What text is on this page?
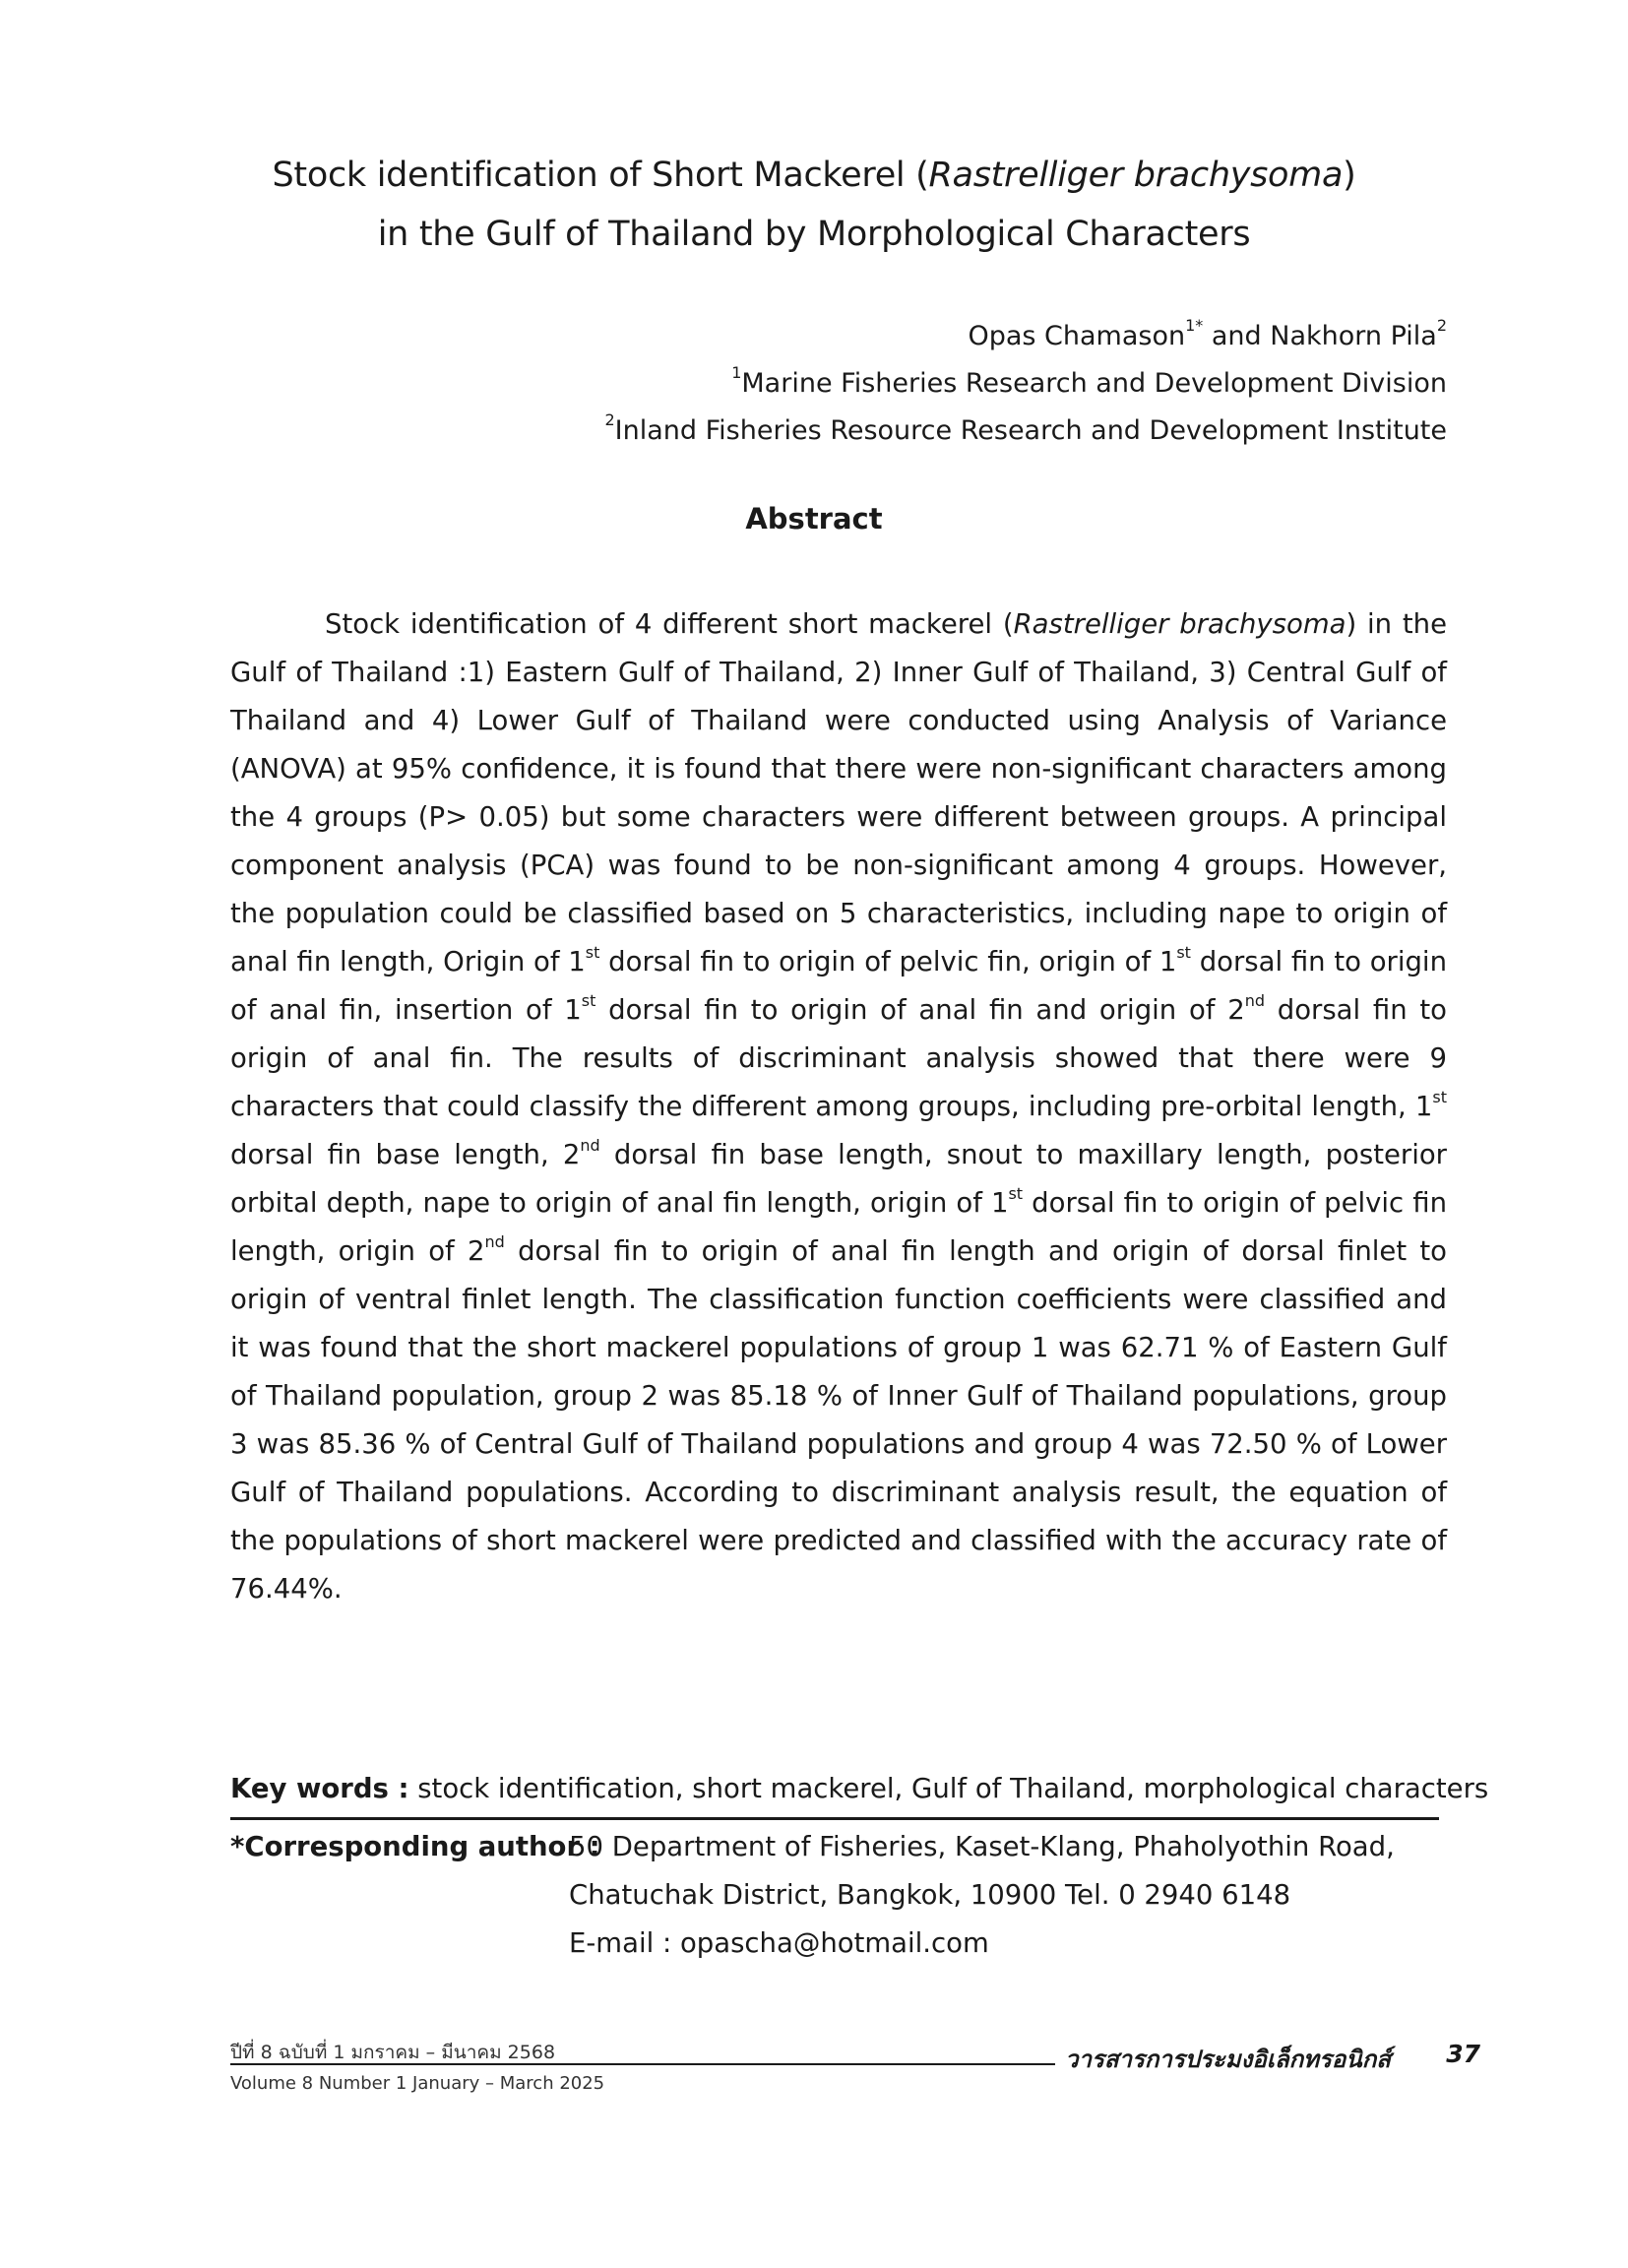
Stock identification of Short Mackerel (Rastrelliger brachysoma)
in the Gulf of Thailand by Morphological Characters
Opas Chamason$^{1*}$ and Nakhorn Pila$^2$
$^1$Marine Fisheries Research and Development Division
$^2$Inland Fisheries Resource Research and Development Institute
Abstract
Stock identification of 4 different short mackerel (Rastrelliger brachysoma) in the Gulf of Thailand :1) Eastern Gulf of Thailand, 2) Inner Gulf of Thailand, 3) Central Gulf of Thailand and 4) Lower Gulf of Thailand were conducted using Analysis of Variance (ANOVA) at 95% confidence, it is found that there were non-significant characters among the 4 groups (P> 0.05) but some characters were different between groups. A principal component analysis (PCA) was found to be non-significant among 4 groups. However, the population could be classified based on 5 characteristics, including nape to origin of anal fin length, Origin of 1st dorsal fin to origin of pelvic fin, origin of 1st dorsal fin to origin of anal fin, insertion of 1st dorsal fin to origin of anal fin and origin of 2nd dorsal fin to origin of anal fin. The results of discriminant analysis showed that there were 9 characters that could classify the different among groups, including pre-orbital length, 1st dorsal fin base length, 2nd dorsal fin base length, snout to maxillary length, posterior orbital depth, nape to origin of anal fin length, origin of 1st dorsal fin to origin of pelvic fin length, origin of 2nd dorsal fin to origin of anal fin length and origin of dorsal finlet to origin of ventral finlet length. The classification function coefficients were classified and it was found that the short mackerel populations of group 1 was 62.71 % of Eastern Gulf of Thailand population, group 2 was 85.18 % of Inner Gulf of Thailand populations, group 3 was 85.36 % of Central Gulf of Thailand populations and group 4 was 72.50 % of Lower Gulf of Thailand populations. According to discriminant analysis result, the equation of the populations of short mackerel were predicted and classified with the accuracy rate of 76.44%.
Key words : stock identification, short mackerel, Gulf of Thailand, morphological characters
*Corresponding author :50 Department of Fisheries, Kaset-Klang, Phaholyothin Road,
Chatuchak District, Bangkok, 10900 Tel. 0 2940 6148
E-mail : opascha@hotmail.com
ปีที่ 8 ฉบับที่ 1 มกราคม – มีนาคม 2568	วารสารการประมงอิเล็กทรอนิกส์ 37
Volume 8 Number 1 January – March 2025
